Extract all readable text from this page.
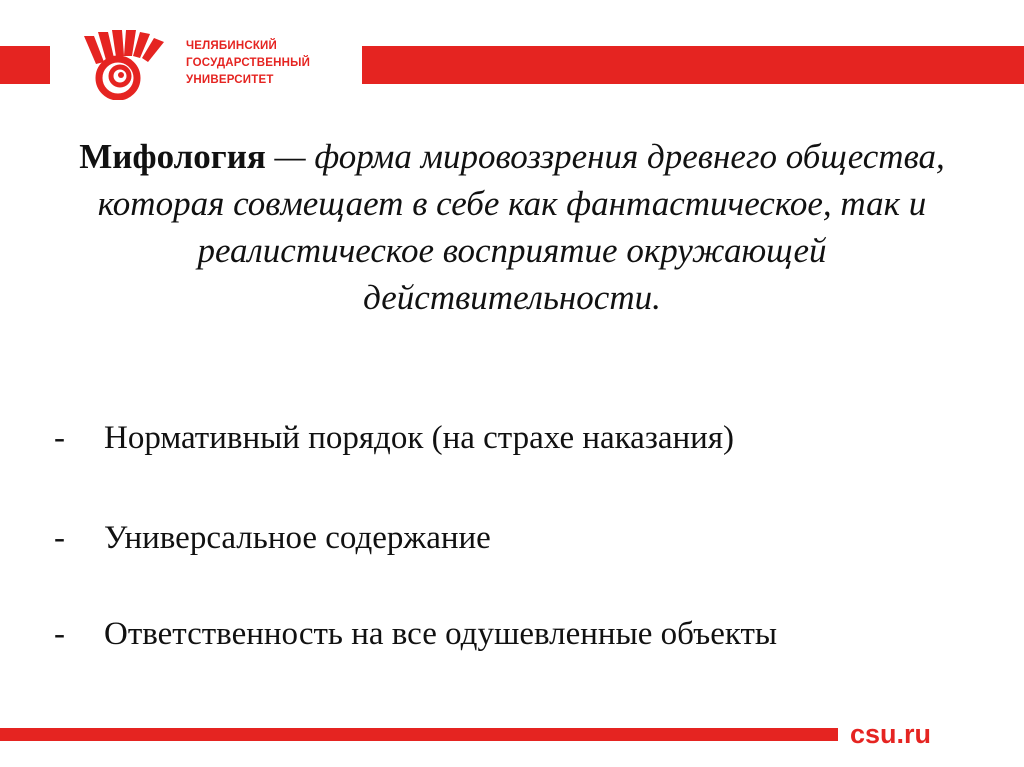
ЧЕЛЯБИНСКИЙ
ГОСУДАРСТВЕННЫЙ
УНИВЕРСИТЕТ
Мифология — форма мировоззрения древнего общества, которая совмещает в себе как фантастическое, так и реалистическое восприятие окружающей действительности.
- Нормативный порядок (на страхе наказания)
- Универсальное содержание
- Ответственность на все одушевленные объекты
csu.ru
